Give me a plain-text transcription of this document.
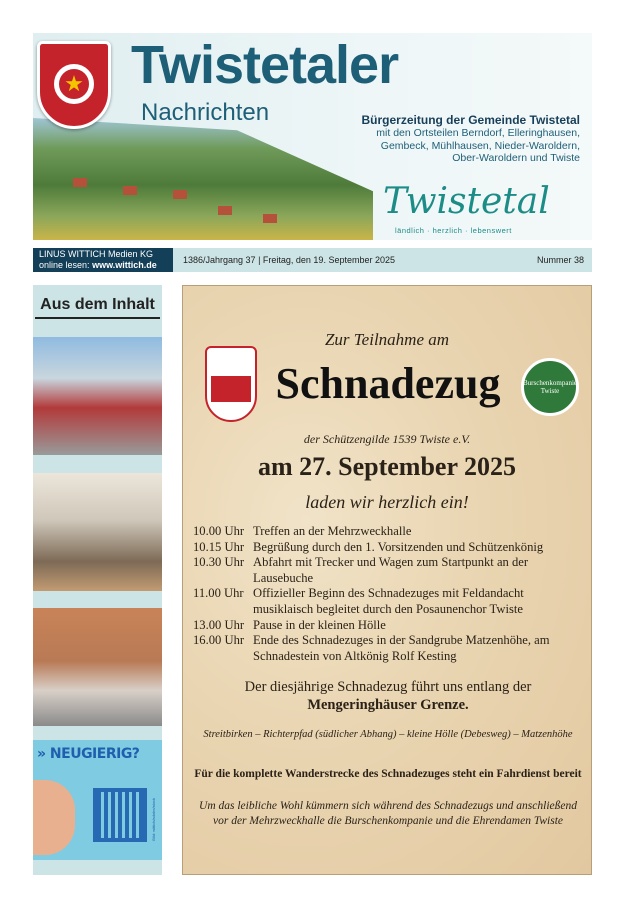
★ Twistetaler
Nachrichten	Bürgerzeitung der Gemeinde Twistetal
mit den Ortsteilen Berndorf, Elleringhausen,
Gembeck, Mühlhausen, Nieder-Waroldern,
Ober-Waroldern und Twiste
Twistetal
ländlich · herzlich · lebenswert
LINUS WITTICH Medien KG
online lesen: www.wittich.de	1386/Jahrgang 37 | Freitag, den 19. September 2025	Nummer 38
Aus dem Inhalt
» NEUGIERIG?
Bild: wittich/adobe/stock
Zur Teilnahme am
Schnadezug	Burschenkompanie Twiste
der Schützengilde 1539 Twiste e.V.
am 27. September 2025
laden wir herzlich ein!
10.00 Uhr Treffen an der Mehrzweckhalle
10.15 Uhr Begrüßung durch den 1. Vorsitzenden und Schützenkönig
10.30 Uhr Abfahrt mit Trecker und Wagen zum Startpunkt an der Lausebuche
11.00 Uhr Offizieller Beginn des Schnadezuges mit Feldandacht musiklaisch begleitet durch den Posaunenchor Twiste
13.00 Uhr Pause in der kleinen Hölle
16.00 Uhr Ende des Schnadezuges in der Sandgrube Matzenhöhe, am Schnadestein von Altkönig Rolf Kesting
Der diesjährige Schnadezug führt uns entlang der
Mengeringhäuser Grenze.
Streitbirken – Richterpfad (südlicher Abhang) – kleine Hölle (Debesweg) – Matzenhöhe
Für die komplette Wanderstrecke des Schnadezuges steht ein Fahrdienst bereit
Um das leibliche Wohl kümmern sich während des Schnadezugs und anschließend vor der Mehrzweckhalle die Burschenkompanie und die Ehrendamen Twiste
